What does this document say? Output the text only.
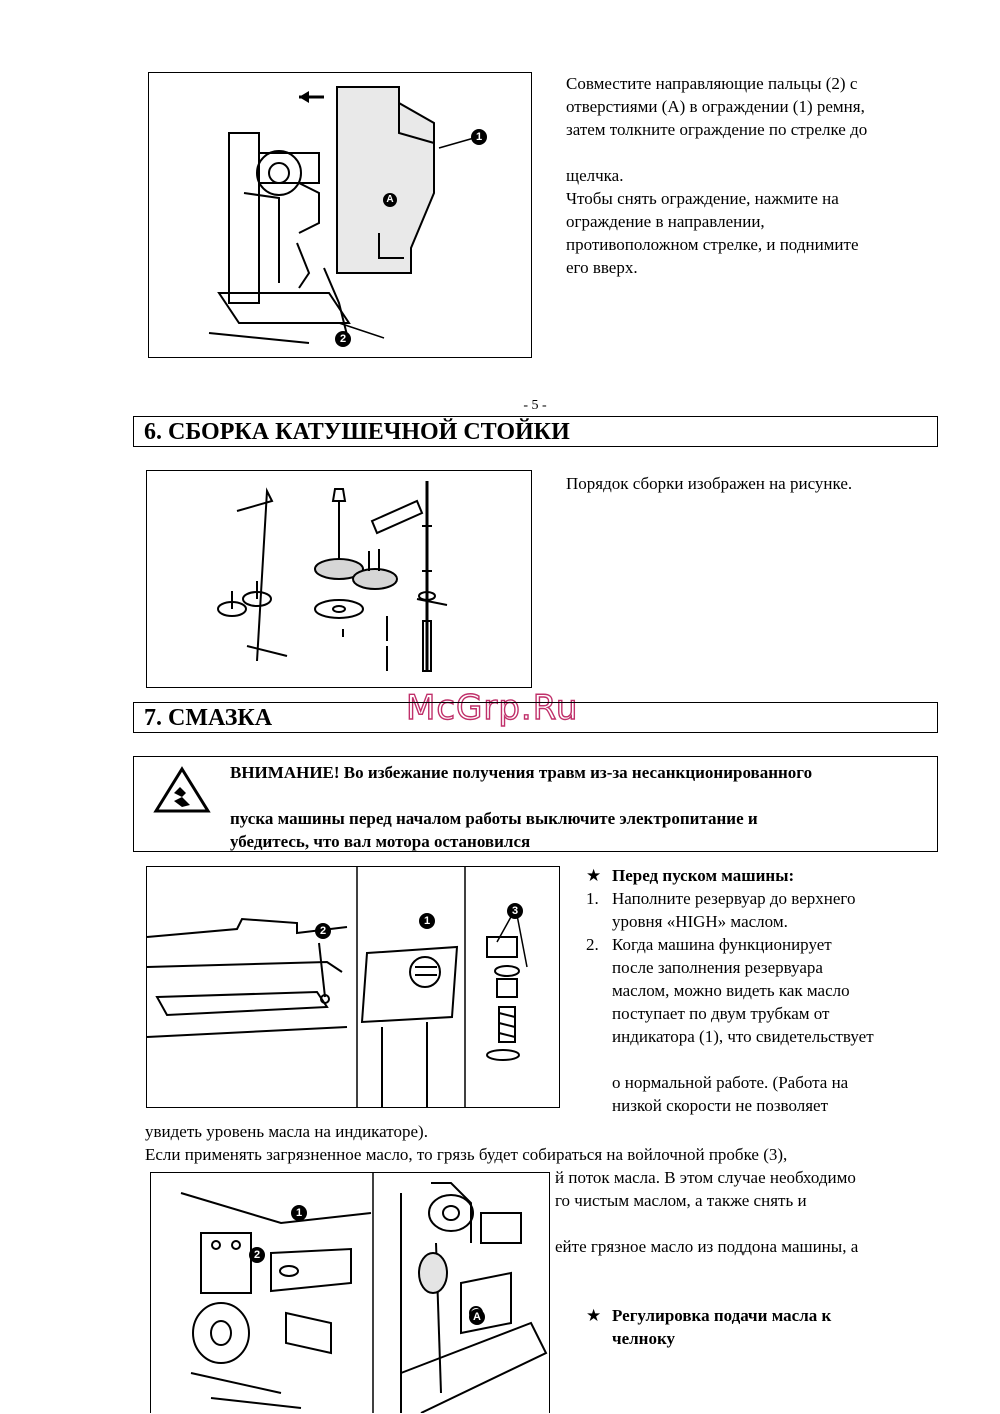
1
A
2
Совместите направляющие пальцы (2) с
отверстиями (А) в ограждении (1) ремня,
затем толкните ограждение по стрелке до
щелчка.
Чтобы снять ограждение, нажмите на
ограждение в направлении,
противоположном стрелке, и поднимите
его вверх.
- 5 -
6. СБОРКА КАТУШЕЧНОЙ СТОЙКИ
Порядок сборки изображен на рисунке.
McGrp.Ru
7. СМАЗКА
ВНИМАНИЕ! Во избежание получения травм из-за несанкционированного
пуска машины перед началом работы выключите электропитание и
убедитесь, что вал мотора остановился
2
1
3
★ Перед пуском машины:
1. Наполните резервуар до верхнего
уровня «HIGH» маслом.
2. Когда машина функционирует
после заполнения резервуара
маслом, можно видеть как масло
поступает по двум трубкам от
индикатора (1), что свидетельствует
о нормальной работе. (Работа на
низкой скорости не позволяет
увидеть уровень масла на индикаторе).
Если применять загрязненное масло, то грязь будет собираться на войлочной пробке (3),
й поток масла. В этом случае необходимо
го чистым маслом, а также снять и
ейте грязное масло из поддона машины, а
1
2
A	★ Регулировка подачи масла к
челноку
